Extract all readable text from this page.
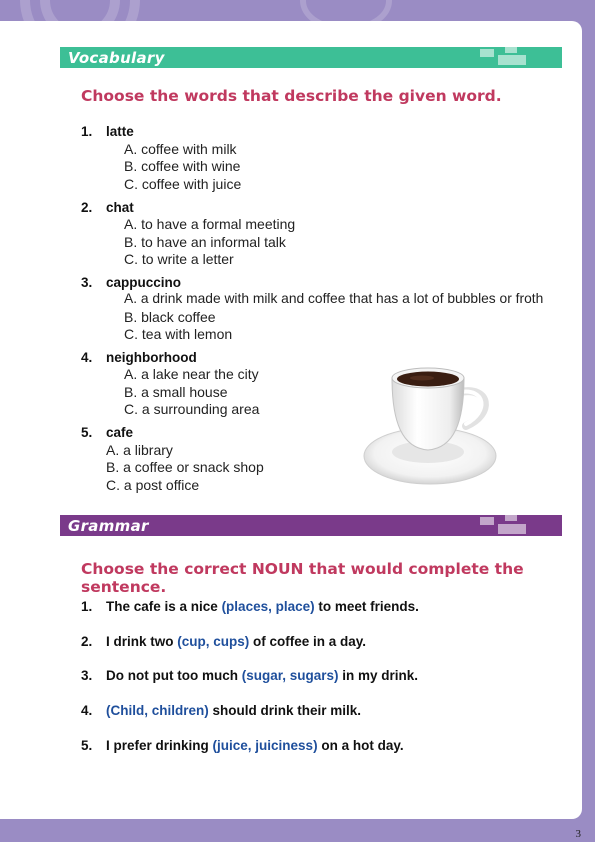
Vocabulary
Choose the words that describe the given word.
1. latte
A. coffee with milk
B. coffee with wine
C. coffee with juice
2. chat
A. to have a formal meeting
B. to have an informal talk
C. to write a letter
3. cappuccino
A. a drink made with milk and coffee that has a lot of bubbles or froth
B. black coffee
C. tea with lemon
4. neighborhood
A. a lake near the city
B. a small house
C. a surrounding area
5. cafe
A. a library
B. a coffee or snack shop
C. a post office
Grammar
Choose the correct NOUN that would complete the sentence.
1. The cafe is a nice (places, place) to meet friends.
2. I drink two (cup, cups) of coffee in a day.
3. Do not put too much (sugar, sugars) in my drink.
4. (Child, children) should drink their milk.
5. I prefer drinking (juice, juiciness) on a hot day.
3
